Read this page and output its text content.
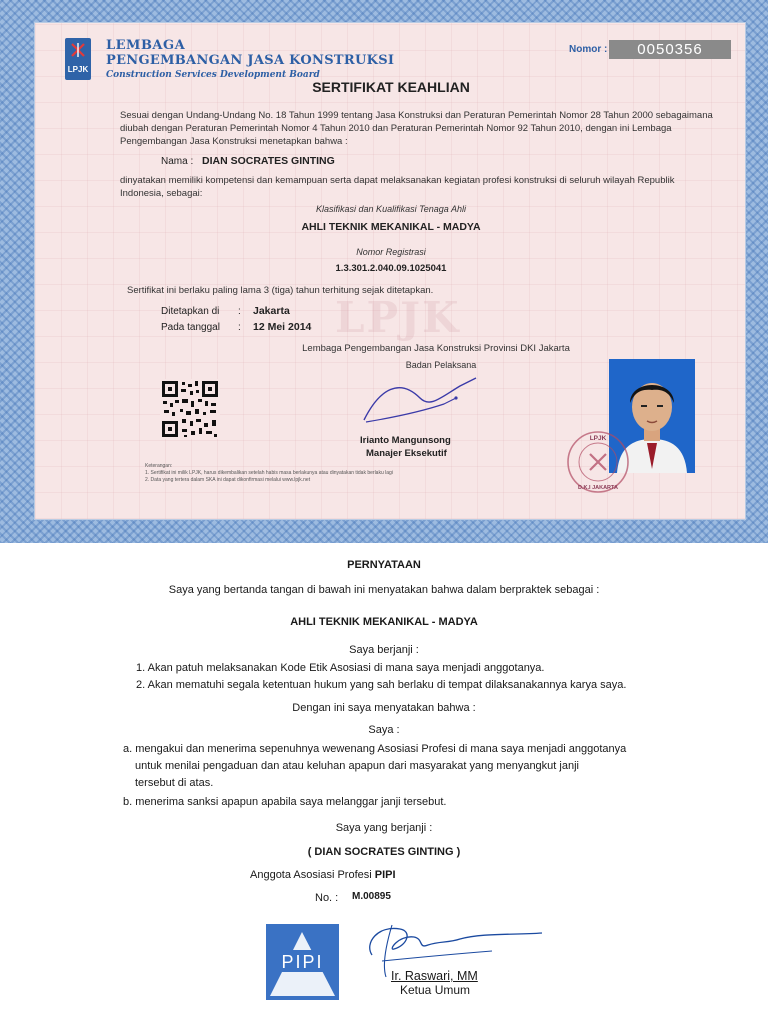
LPJK
LPJK
LEMBAGA
PENGEMBANGAN JASA KONSTRUKSI
Construction Services Development Board
Nomor :	0050356
SERTIFIKAT KEAHLIAN
Sesuai dengan Undang-Undang No. 18 Tahun 1999 tentang Jasa Konstruksi dan Peraturan Pemerintah Nomor 28 Tahun 2000 sebagaimana diubah dengan Peraturan Pemerintah Nomor 4 Tahun 2010 dan Peraturan Pemerintah Nomor 92 Tahun 2010, dengan ini Lembaga Pengembangan Jasa Konstruksi menetapkan bahwa :
Nama : DIAN SOCRATES GINTING
dinyatakan memiliki kompetensi dan kemampuan serta dapat melaksanakan kegiatan profesi konstruksi di seluruh wilayah Republik Indonesia, sebagai:
Klasifikasi dan Kualifikasi Tenaga Ahli
AHLI TEKNIK MEKANIKAL - MADYA
Nomor Registrasi
1.3.301.2.040.09.1025041
Sertifikat ini berlaku paling lama 3 (tiga) tahun terhitung sejak ditetapkan.
Ditetapkan di : Jakarta
Pada tanggal : 12 Mei 2014
Lembaga Pengembangan Jasa Konstruksi Provinsi DKI Jakarta
Badan Pelaksana
Irianto Mangunsong
Manajer Eksekutif
LPJK
D.K.I JAKARTA
Keterangan:
1. Sertifikat ini milik LPJK, harus dikembalikan setelah habis masa berlakunya atau dinyatakan tidak berlaku lagi
2. Data yang tertera dalam SKA ini dapat dikonfirmasi melalui www.lpjk.net
PERNYATAAN
Saya yang bertanda tangan di bawah ini menyatakan bahwa dalam berpraktek sebagai :
AHLI TEKNIK MEKANIKAL - MADYA
Saya berjanji :
1. Akan patuh melaksanakan Kode Etik Asosiasi di mana saya menjadi anggotanya.
2. Akan mematuhi segala ketentuan hukum yang sah berlaku di tempat dilaksanakannya karya saya.
Dengan ini saya menyatakan bahwa :
Saya :
a. mengakui dan menerima sepenuhnya wewenang Asosiasi Profesi di mana saya menjadi anggotanya
untuk menilai pengaduan dan atau keluhan apapun dari masyarakat yang menyangkut janji
tersebut di atas.
b. menerima sanksi apapun apabila saya melanggar janji tersebut.
Saya yang berjanji :
( DIAN SOCRATES GINTING )
Anggota Asosiasi Profesi PIPI
No. :	M.00895
PIPI
Ir. Raswari, MM
Ketua Umum
